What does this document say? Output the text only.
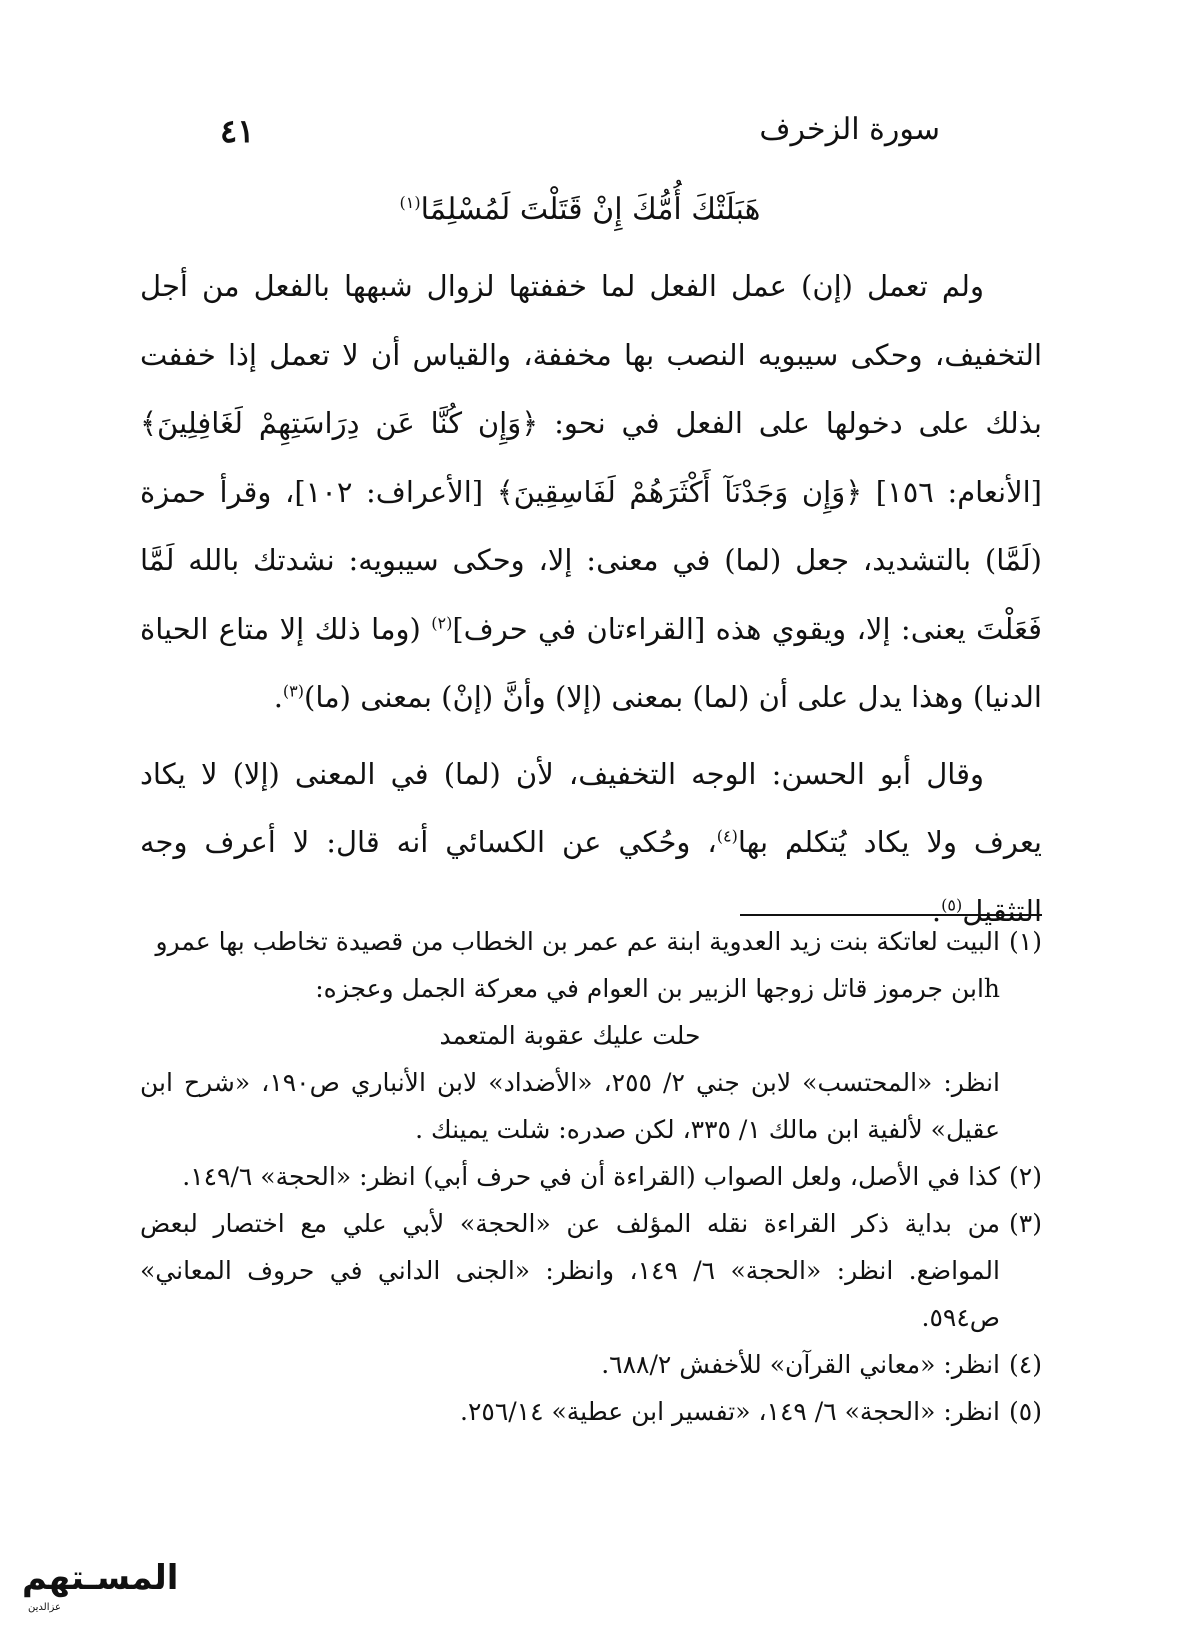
سورة الزخرف
٤١
هَبَلَتْكَ أُمُّكَ إِنْ قَتَلْتَ لَمُسْلِمًا$^{(١)}$

ولم تعمل (إن) عمل الفعل لما خففتها لزوال شبهها بالفعل من أجل التخفيف، وحكى سيبويه النصب بها مخففة، والقياس أن لا تعمل إذا خففت بذلك على دخولها على الفعل في نحو: ﴿وَإِن كُنَّا عَن دِرَاسَتِهِمْ لَغَافِلِينَ﴾ [الأنعام: ١٥٦] ﴿وَإِن وَجَدْنَآ أَكْثَرَهُمْ لَفَاسِقِينَ﴾ [الأعراف: ١٠٢]، وقرأ حمزة (لَمَّا) بالتشديد، جعل (لما) في معنى: إلا، وحكى سيبويه: نشدتك بالله لَمَّا فَعَلْتَ يعنى: إلا، ويقوي هذه [القراءتان في حرف]$^{(٢)}$ (وما ذلك إلا متاع الحياة الدنيا) وهذا يدل على أن (لما) بمعنى (إلا) وأنَّ (إنْ) بمعنى (ما)$^{(٣)}$.

وقال أبو الحسن: الوجه التخفيف، لأن (لما) في المعنى (إلا) لا يكاد يعرف ولا يكاد يُتكلم بها$^{(٤)}$، وحُكي عن الكسائي أنه قال: لا أعرف وجه التثقيل$^{(٥)}$.

(١)
البيت لعاتكة بنت زيد العدوية ابنة عم عمر بن الخطاب من قصيدة تخاطب بها عمرو
hابن جرموز قاتل زوجها الزبير بن العوام في معركة الجمل وعجزه:
حلت عليك عقوبة المتعمد
انظر: «المحتسب» لابن جني ٢/ ٢٥٥، «الأضداد» لابن الأنباري ص١٩٠، «شرح ابن عقيل» لألفية ابن مالك ١/ ٣٣٥، لكن صدره: شلت يمينك .
(٢)
كذا في الأصل، ولعل الصواب (القراءة أن في حرف أبي) انظر: «الحجة» ١٤٩/٦.
(٣)
من بداية ذكر القراءة نقله المؤلف عن «الحجة» لأبي علي مع اختصار لبعض المواضع. انظر: «الحجة» ٦/ ١٤٩، وانظر: «الجنى الداني في حروف المعاني» ص٥٩٤.
(٤)
انظر: «معاني القرآن» للأخفش ٦٨٨/٢.
(٥)
انظر: «الحجة» ٦/ ١٤٩، «تفسير ابن عطية» ٢٥٦/١٤.
المسـتهم
عزالدين
